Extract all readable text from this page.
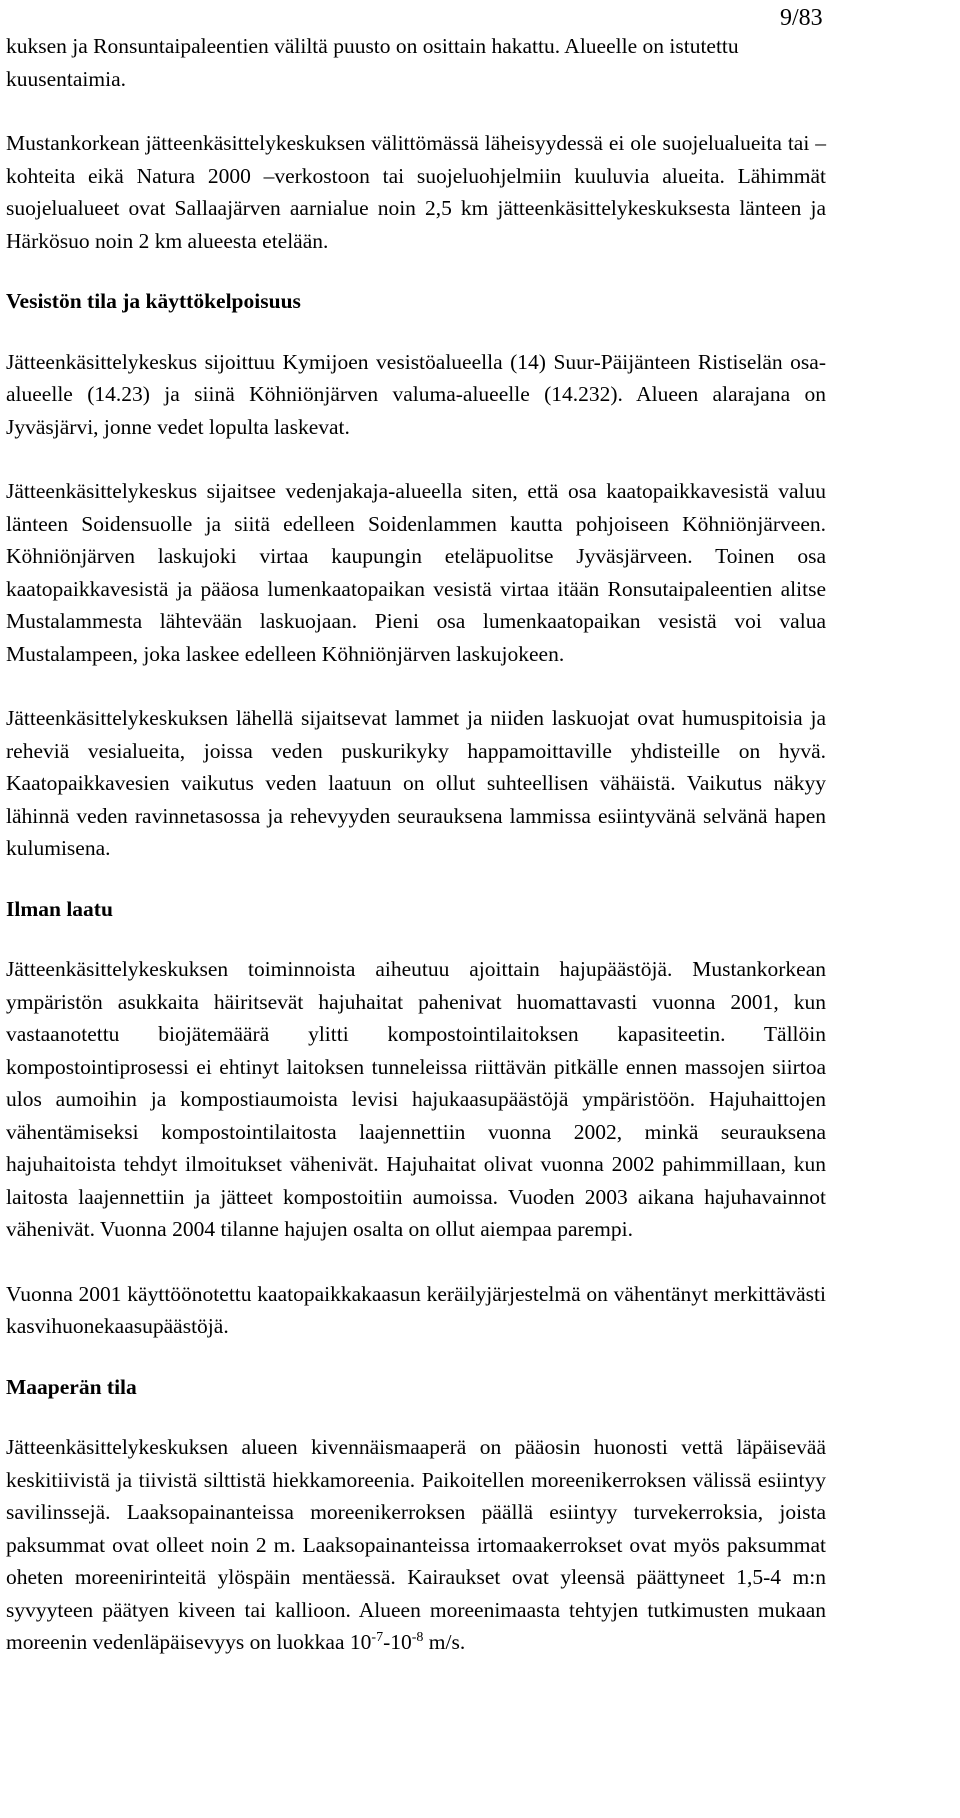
9/83

kuksen ja Ronsuntaipaleentien väliltä puusto on osittain hakattu. Alueelle on istutettu kuusentaimia.

Mustankorkean jätteenkäsittelykeskuksen välittömässä läheisyydessä ei ole suojelualueita tai –kohteita eikä Natura 2000 –verkostoon tai suojeluohjelmiin kuuluvia alueita. Lähimmät suojelualueet ovat Sallaajärven aarnialue noin 2,5 km jätteenkäsittelykeskuksesta länteen ja Härkösuo noin 2 km alueesta etelään.

Vesistön tila ja käyttökelpoisuus

Jätteenkäsittelykeskus sijoittuu Kymijoen vesistöalueella (14) Suur-Päijänteen Ristiselän osa-alueelle (14.23) ja siinä Köhniönjärven valuma-alueelle (14.232). Alueen alarajana on Jyväsjärvi, jonne vedet lopulta laskevat.

Jätteenkäsittelykeskus sijaitsee vedenjakaja-alueella siten, että osa kaatopaikkavesistä valuu länteen Soidensuolle ja siitä edelleen Soidenlammen kautta pohjoiseen Köhniönjärveen. Köhniönjärven laskujoki virtaa kaupungin eteläpuolitse Jyväsjärveen. Toinen osa kaatopaikkavesistä ja pääosa lumenkaatopaikan vesistä virtaa itään Ronsutaipaleentien alitse Mustalammesta lähtevään laskuojaan. Pieni osa lumenkaatopaikan vesistä voi valua Mustalampeen, joka laskee edelleen Köhniönjärven laskujokeen.

Jätteenkäsittelykeskuksen lähellä sijaitsevat lammet ja niiden laskuojat ovat humuspitoisia ja reheviä vesialueita, joissa veden puskurikyky happamoittaville yhdisteille on hyvä. Kaatopaikkavesien vaikutus veden laatuun on ollut suhteellisen vähäistä. Vaikutus näkyy lähinnä veden ravinnetasossa ja rehevyyden seurauksena lammissa esiintyvänä selvänä hapen kulumisena.

Ilman laatu

Jätteenkäsittelykeskuksen toiminnoista aiheutuu ajoittain hajupäästöjä. Mustankorkean ympäristön asukkaita häiritsevät hajuhaitat pahenivat huomattavasti vuonna 2001, kun vastaanotettu biojätemäärä ylitti kompostointilaitoksen kapasiteetin. Tällöin kompostointiprosessi ei ehtinyt laitoksen tunneleissa riittävän pitkälle ennen massojen siirtoa ulos aumoihin ja kompostiaumoista levisi hajukaasupäästöjä ympäristöön. Hajuhaittojen vähentämiseksi kompostointilaitosta laajennettiin vuonna 2002, minkä seurauksena hajuhaitoista tehdyt ilmoitukset vähenivät. Hajuhaitat olivat vuonna 2002 pahimmillaan, kun laitosta laajennettiin ja jätteet kompostoitiin aumoissa. Vuoden 2003 aikana hajuhavainnot vähenivät. Vuonna 2004 tilanne hajujen osalta on ollut aiempaa parempi.

Vuonna 2001 käyttöönotettu kaatopaikkakaasun keräilyjärjestelmä on vähentänyt merkittävästi kasvihuonekaasupäästöjä.

Maaperän tila

Jätteenkäsittelykeskuksen alueen kivennäismaaperä on pääosin huonosti vettä läpäisevää keskitiivistä ja tiivistä silttistä hiekkamoreenia. Paikoitellen moreenikerroksen välissä esiintyy savilinssejä. Laaksopainanteissa moreenikerroksen päällä esiintyy turvekerroksia, joista paksummat ovat olleet noin 2 m. Laaksopainanteissa irtomaakerrokset ovat myös paksummat oheten moreenirinteitä ylöspäin mentäessä. Kairaukset ovat yleensä päättyneet 1,5-4 m:n syvyyteen päätyen kiveen tai kallioon. Alueen moreenimaasta tehtyjen tutkimusten mukaan moreenin vedenläpäisevyys on luokkaa $10^{-7}-10^{-8}$ m/s.
